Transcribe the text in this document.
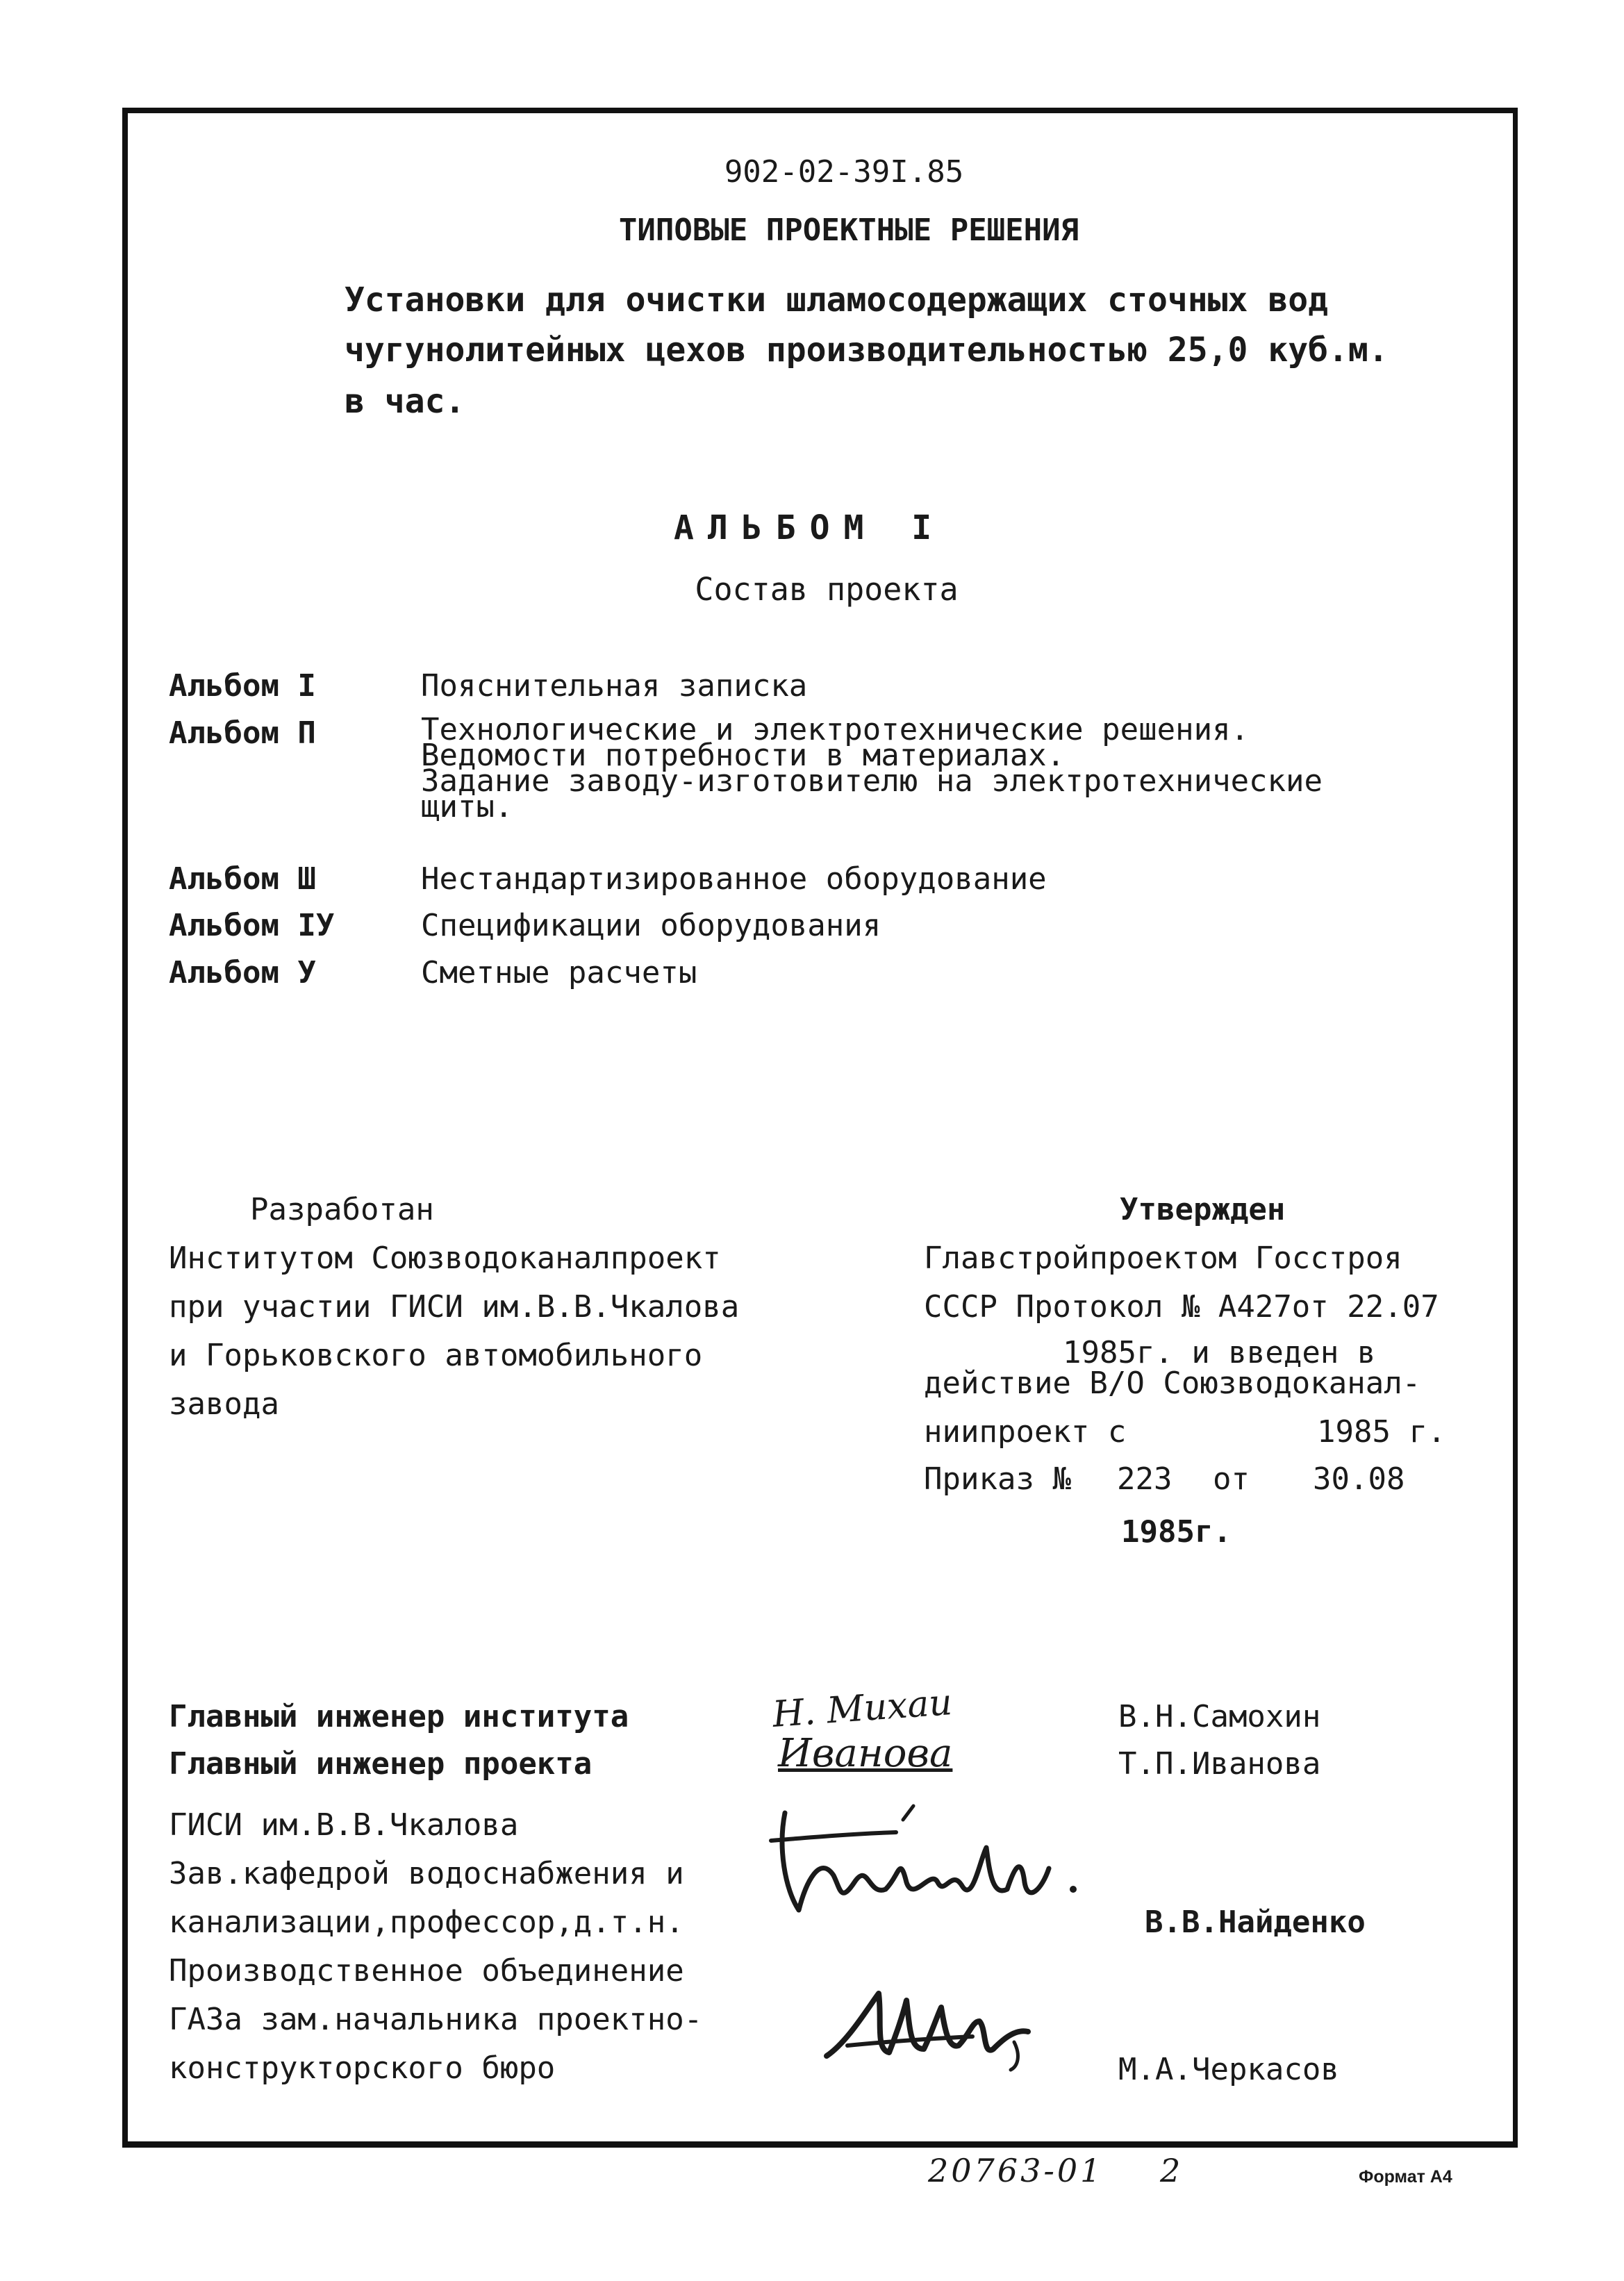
902-02-39I.85
ТИПОВЫЕ ПРОЕКТНЫЕ РЕШЕНИЯ
Установки для очистки шламосодержащих сточных вод
чугунолитейных цехов производительностью 25,0 куб.м.
в час.
АЛЬБОМ I
Состав проекта
Альбом I	Пояснительная записка
Альбом П	Технологические и электротехнические решения.
Ведомости потребности в материалах.
Задание заводу-изготовителю на электротехнические
щиты.
Альбом Ш	Нестандартизированное оборудование
Альбом IУ	Спецификации оборудования
Альбом У	Сметные расчеты
Разработан
Институтом Союзводоканалпроект
при участии ГИСИ им.В.В.Чкалова
и Горьковского автомобильного
завода
Утвержден
Главстройпроектом Госстроя
СССР Протокол № А427от 22.07
1985г. и введен в
действие В/О Союзводоканал-
ниипроект с	1985 г.
Приказ № 223 от 30.08
1985г.
Главный инженер института	В.Н.Самохин
Главный инженер проекта	Т.П.Иванова
ГИСИ им.В.В.Чкалова
Зав.кафедрой водоснабжения и
канализации,профессор,д.т.н.	В.В.Найденко
Производственное объединение
ГАЗа зам.начальника проектно-
конструкторского бюро	М.А.Черкасов
Н. Михаи
Иванова
20763-01 2	Формат А4
